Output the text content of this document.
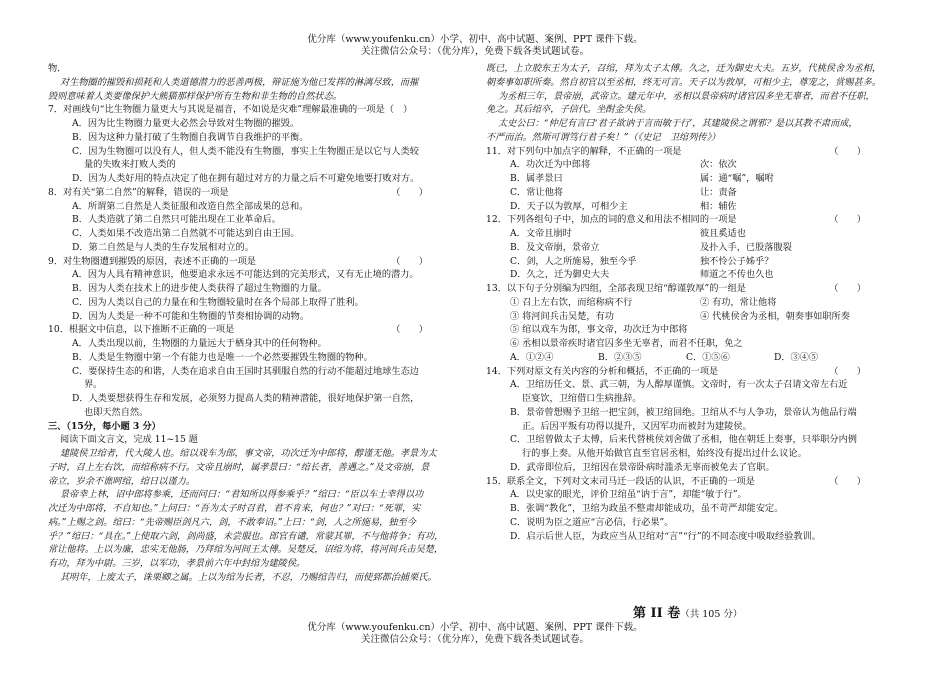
优分库（www.youfenku.cn）小学、初中、高中试题、案例、PPT 课件下载。
关注微信公众号：（优分库），免费下载各类试题试卷。
物．
对生物圈的摧毁和损耗和人类道德潜力的恶善两极，辩证施为他已发挥的淋漓尽致，而摧
毁则意味着人类要像保护大熊猫那样保护所有生物和非生物的自然状态。
7．对画线句“比生物圈力量更大与其说是福音，不如说是灾难”理解最准确的一项是（　）
A．因为比生物圈力量更大必然会导致对生物圈的摧毁。
B．因为这种力量打破了生物圈自我调节自我维护的平衡。
C．因为生物圈可以没有人，但人类不能没有生物圈，事实上生物圈正是以它与人类较
量的失败来打败人类的
D．因为人类好用的特点决定了他在拥有超过对方的力量之后不可避免地要打败对方。
8．对有关“第二自然”的解释，错误的一项是	（　　）
A．所谓第二自然是人类征服和改造自然全部成果的总和。
B．人类造就了第二自然只可能出现在工业革命后。
C．人类如果不改造出第二自然就不可能达到自由王国。
D．第二自然是与人类的生存发展相对立的。
9．对生物圈遭到摧毁的原因，表述不正确的一项是	（　　）
A．因为人具有精神意识，他要追求永远不可能达到的完美形式，又有无止境的潜力。
B．因为人类在技术上的进步使人类获得了超过生物圈的力量。
C．因为人类以自己的力量在和生物圈较量时在各个局部上取得了胜利。
D．因为人类是一种不可能和生物圈的节奏相协调的动物。
10．根据文中信息，以下推断不正确的一项是	（　　）
A．人类出现以前，生物圈的力量远大于栖身其中的任何物种。
B．人类是生物圈中第一个有能力也是唯一一个必然要摧毁生物圈的物种。
C．要保持生态的和谐，人类在追求自由王国时其驯服自然的行动不能超过地球生态边
界。
D．人类要想获得生存和发展，必须努力提高人类的精神潜能，很好地保护第一自然，
也即天然自然。
三、（15分，每小题 3 分）
阅读下面文言文，完成 11~15 题
建陵侯卫绾者，代大陵人也。绾以戏车为郎，事文帝，功次迁为中郎将，醇谨无他。孝景为太
子时，召上左右饮，而绾称病不行。文帝且崩时，属孝景曰：“绾长者，善遇之。”及文帝崩，景
帝立，岁余不谯呵绾，绾日以谨力。
景帝幸上林，诏中郎将参乘，还而问曰：“君知所以得参乘乎？”绾曰：“臣以车士幸得以功
次迁为中郎将，不自知也。”上问曰：“吾为太子时召君，君不肯来，何也？”对曰：“死罪，实
病。”上赐之剑。绾曰：“先帝赐臣剑凡六，剑，不敢奉诏。”上曰：“剑，人之所施易，独至今
乎？”绾曰：“具在。”上使取六剑，剑尚盛，未尝服也。郎官有谴，常蒙其罪，不与他将争；有功，
常让他将。上以为廉，忠实无他肠，乃拜绾为河间王太傅。吴楚反，诏绾为将，将河间兵击吴楚，
有功，拜为中尉。三岁，以军功，孝景前六年中封绾为建陵侯。
其明年，上废太子，诛栗卿之属。上以为绾为长者，不忍，乃赐绾告归，而使郅都治捕栗氏。
既已，上立胶东王为太子，召绾，拜为太子太傅。久之，迁为御史大夫。五岁，代桃侯舍为丞相，
朝奏事如职所奏。然自初官以至丞相，终无可言。天子以为敦厚，可相少主，尊宠之，赏赐甚多。
为丞相三年，景帝崩，武帝立。建元年中，丞相以景帝病时诸官囚多坐无辜者，而君不任职，
免之。其后绾卒，子信代。坐酎金失侯。
太史公曰：“仲尼有言曰‘君子欲讷于言而敏于行’，其建陵侯之谓邪？是以其教不肃而成，
不严而治。然斯可谓笃行君子矣！”（《史记　卫绾列传》）
11．对下列句中加点字的解释，不正确的一项是	（　　）
A．功次迁为中郎将	次：依次
B．属孝景曰	属：通“嘱”，嘱咐
C．常让他将	让：责备
D．天子以为敦厚，可相少主	相：辅佐
12．下列各组句子中，加点的词的意义和用法不相同的一项是	（　　）
A．文帝且崩时	彼且奚适也
B．及文帝崩，景帝立	及扑入手，已股落腹裂
C．剑，人之所施易，独至今乎	独不怜公子姊乎？
D．久之，迁为御史大夫	师道之不传也久也
13．以下句子分别编为四组，全部表现卫绾“醇谨敦厚”的一组是	（　　）
① 召上左右饮，而绾称病不行	② 有功，常让他将
③ 将河间兵击吴楚，有功	④ 代桃侯舍为丞相，朝奏事如职所奏
⑤ 绾以戏车为郎，事文帝，功次迁为中郎将
⑥ 丞相以景帝疾时诸官囚多坐无辜者，而君不任职，免之
A．①②④	B．②③⑤	C．①⑤⑥	D．③④⑤
14．下列对原文有关内容的分析和概括，不正确的一项是	（　　）
A．卫绾历任文、景、武三朝，为人醇厚谨慎。文帝时，有一次太子召请文帝左右近
臣宴饮，卫绾借口生病推辞。
B．景帝曾想赐予卫绾一把宝剑，被卫绾回绝。卫绾从不与人争功，景帝认为他品行端
正。后因平叛有功得以提升，又因军功而被封为建陵侯。
C．卫绾曾做太子太傅，后来代替桃侯刘舍做了丞相，他在朝廷上奏事，只举职分内例
行的事上奏。从他开始做官直至官居丞相，始终没有提出过什么议论。
D．武帝即位后，卫绾因在景帝卧病时滥杀无辜而被免去了官职。
15．联系全文，下列对文末司马迁一段话的认识，不正确的一项是	（　　）
A．以史家的眼光，评价卫绾虽“讷于言”，却能“敏于行”。
B．张调“教化”，卫绾为政虽不整肃却能成功，虽不苛严却能安定。
C．说明为臣之道应“言必信，行必果”。
D．启示后世人臣，为政应当从卫绾对“言”“行”的不同态度中吸取经验教训。
第 II 卷（共 105 分）
优分库（www.youfenku.cn）小学、初中、高中试题、案例、PPT 课件下载。
关注微信公众号：（优分库），免费下载各类试题试卷。
